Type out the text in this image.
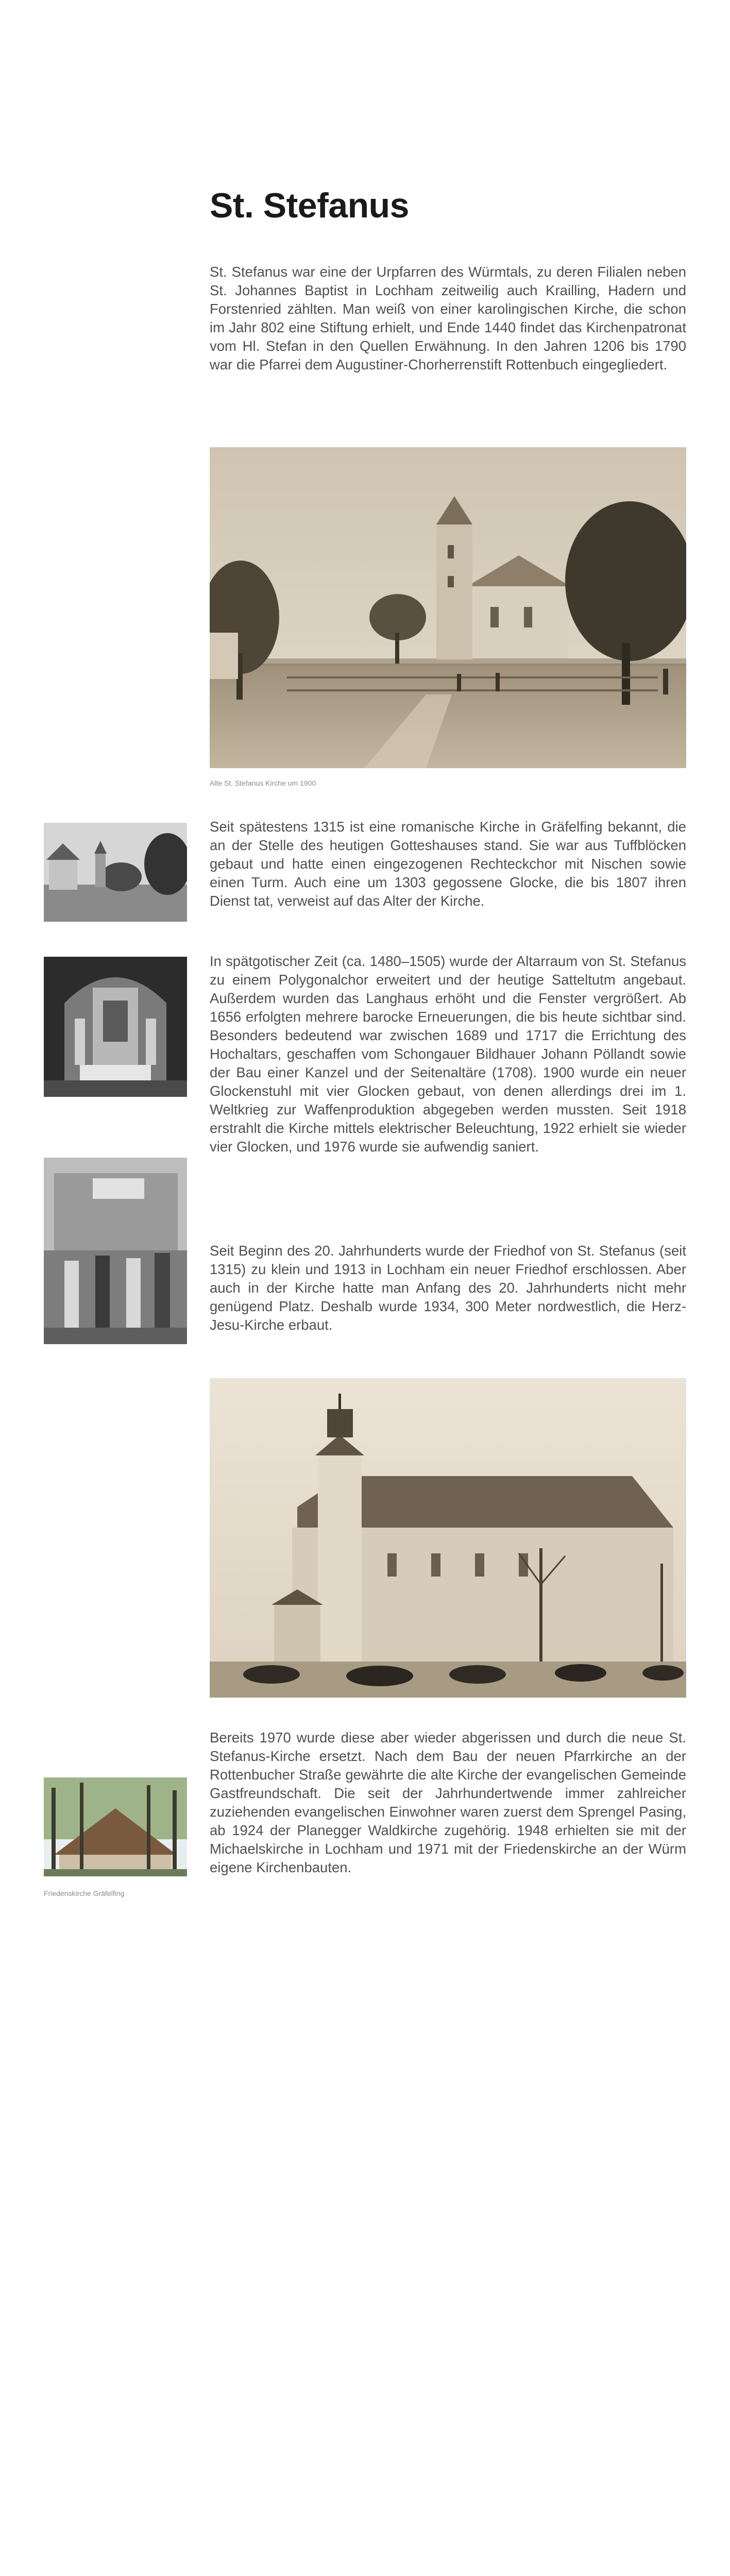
St. Stefanus

St. Stefanus war eine der Urpfarren des Würmtals, zu deren Filialen neben St. Johannes Baptist in Lochham zeitweilig auch Krailling, Hadern und Forstenried zählten. Man weiß von einer karolingischen Kirche, die schon im Jahr 802 eine Stiftung erhielt, und Ende 1440 findet das Kirchenpatronat vom Hl. Stefan in den Quellen Erwähnung. In den Jahren 1206 bis 1790 war die Pfarrei dem Augustiner-Chorherrenstift Rottenbuch eingegliedert.

Alte St. Stefanus Kirche um 1900

Seit spätestens 1315 ist eine romanische Kirche in Gräfelfing bekannt, die an der Stelle des heutigen Gotteshauses stand. Sie war aus Tuffblöcken gebaut und hatte einen eingezogenen Rechteckchor mit Nischen sowie einen Turm. Auch eine um 1303 gegossene Glocke, die bis 1807 ihren Dienst tat, verweist auf das Alter der Kirche.

In spätgotischer Zeit (ca. 1480–1505) wurde der Altarraum von St. Stefanus zu einem Polygonalchor erweitert und der heutige Satteltutm angebaut. Außerdem wurden das Langhaus erhöht und die Fenster vergrößert. Ab 1656 erfolgten mehrere barocke Erneuerungen, die bis heute sichtbar sind. Besonders bedeutend war zwischen 1689 und 1717 die Errichtung des Hochaltars, geschaffen vom Schongauer Bildhauer Johann Pöllandt sowie der Bau einer Kanzel und der Seitenaltäre (1708). 1900 wurde ein neuer Glockenstuhl mit vier Glocken gebaut, von denen allerdings drei im 1. Weltkrieg zur Waffenproduktion abgegeben werden mussten. Seit 1918 erstrahlt die Kirche mittels elektrischer Beleuchtung, 1922 erhielt sie wieder vier Glocken, und 1976 wurde sie aufwendig saniert.

Seit Beginn des 20. Jahrhunderts wurde der Friedhof von St. Stefanus (seit 1315) zu klein und 1913 in Lochham ein neuer Friedhof erschlossen. Aber auch in der Kirche hatte man Anfang des 20. Jahrhunderts nicht mehr genügend Platz. Deshalb wurde 1934, 300 Meter nordwestlich, die Herz-Jesu-Kirche erbaut.

Friedenskirche Gräfelfing

Bereits 1970 wurde diese aber wieder abgerissen und durch die neue St. Stefanus-Kirche ersetzt. Nach dem Bau der neuen Pfarrkirche an der Rottenbucher Straße gewährte die alte Kirche der evangelischen Gemeinde Gastfreundschaft. Die seit der Jahrhundertwende immer zahlreicher zuziehenden evangelischen Einwohner waren zuerst dem Sprengel Pasing, ab 1924 der Planegger Waldkirche zugehörig. 1948 erhielten sie mit der Michaelskirche in Lochham und 1971 mit der Friedenskirche an der Würm eigene Kirchenbauten.
